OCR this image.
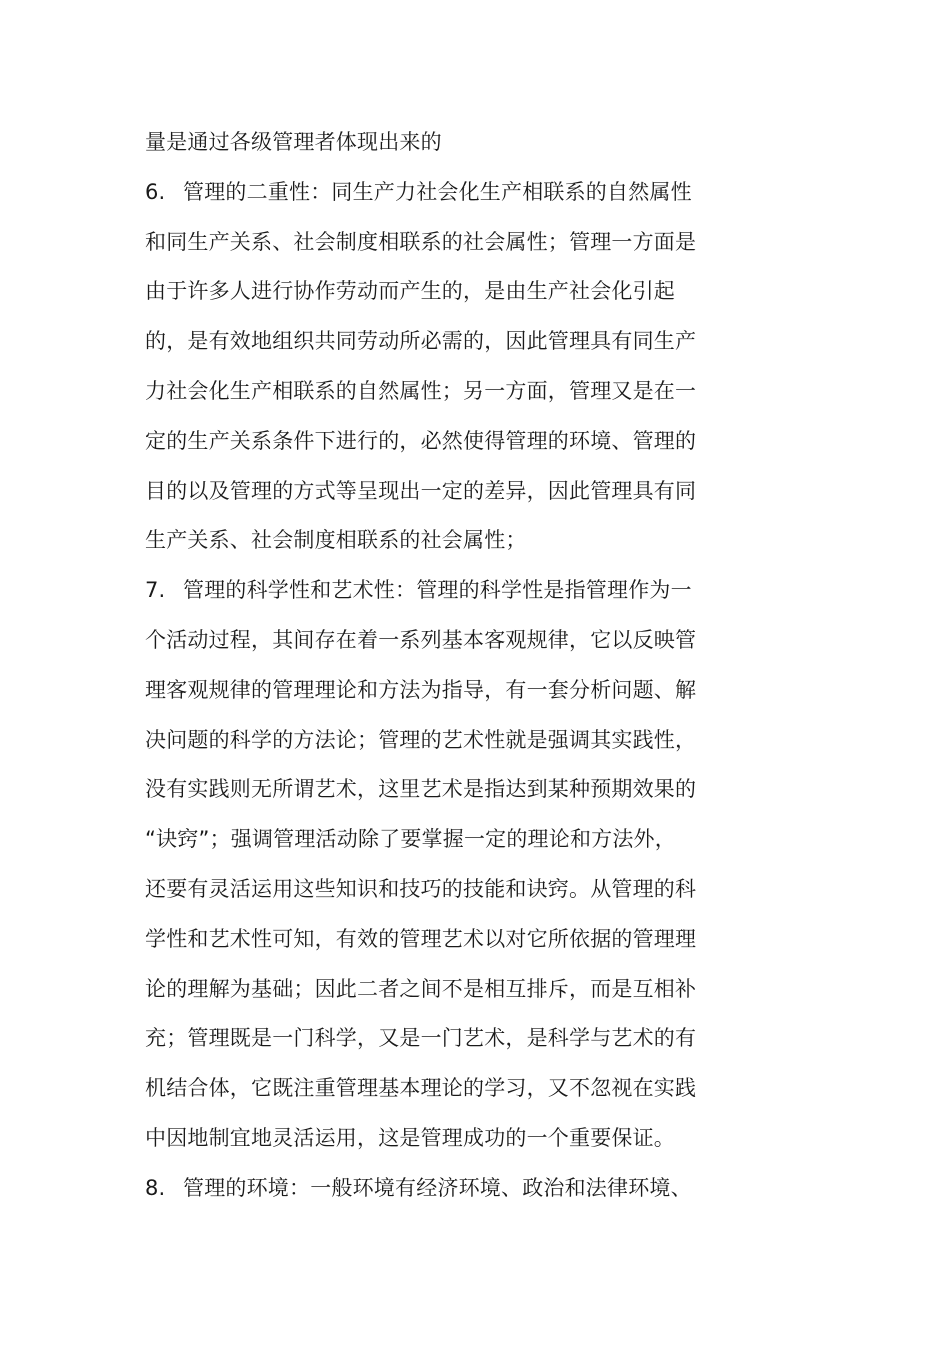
量是通过各级管理者体现出来的
6. 管理的二重性：同生产力社会化生产相联系的自然属性
和同生产关系、社会制度相联系的社会属性；管理一方面是
由于许多人进行协作劳动而产生的，是由生产社会化引起
的，是有效地组织共同劳动所必需的，因此管理具有同生产
力社会化生产相联系的自然属性；另一方面，管理又是在一
定的生产关系条件下进行的，必然使得管理的环境、管理的
目的以及管理的方式等呈现出一定的差异，因此管理具有同
生产关系、社会制度相联系的社会属性；
7. 管理的科学性和艺术性：管理的科学性是指管理作为一
个活动过程，其间存在着一系列基本客观规律，它以反映管
理客观规律的管理理论和方法为指导，有一套分析问题、解
决问题的科学的方法论；管理的艺术性就是强调其实践性，
没有实践则无所谓艺术，这里艺术是指达到某种预期效果的
“诀窍”；强调管理活动除了要掌握一定的理论和方法外，
还要有灵活运用这些知识和技巧的技能和诀窍。从管理的科
学性和艺术性可知，有效的管理艺术以对它所依据的管理理
论的理解为基础；因此二者之间不是相互排斥，而是互相补
充；管理既是一门科学，又是一门艺术，是科学与艺术的有
机结合体，它既注重管理基本理论的学习，又不忽视在实践
中因地制宜地灵活运用，这是管理成功的一个重要保证。
8. 管理的环境：一般环境有经济环境、政治和法律环境、
